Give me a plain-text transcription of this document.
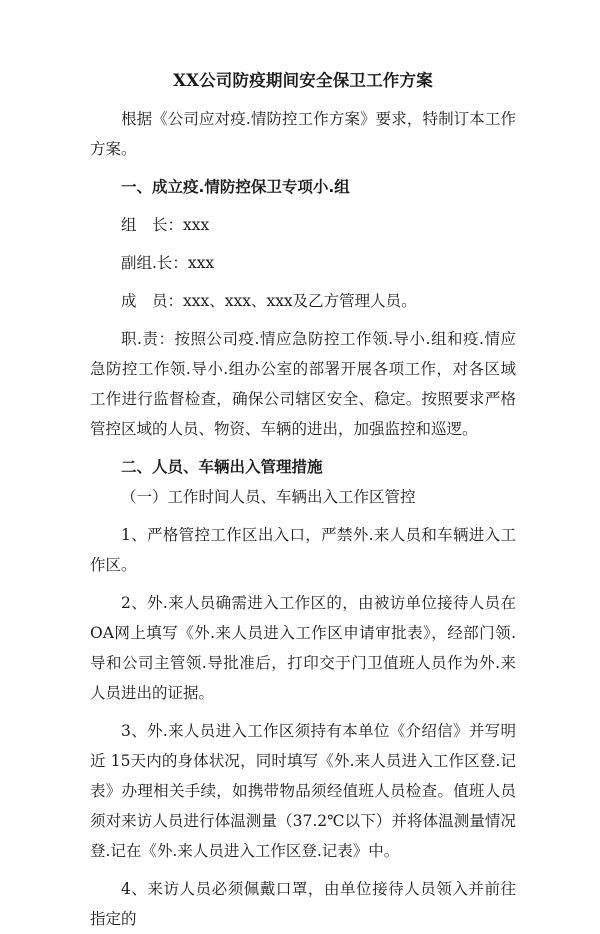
XX公司防疫期间安全保卫工作方案

根据《公司应对疫.情防控工作方案》要求，特制订本工作方案。

一、成立疫.情防控保卫专项小.组

组　长：xxx

副组.长：xxx

成　员：xxx、xxx、xxx及乙方管理人员。

职.责：按照公司疫.情应急防控工作领.导小.组和疫.情应急防控工作领.导小.组办公室的部署开展各项工作，对各区域工作进行监督检查，确保公司辖区安全、稳定。按照要求严格管控区域的人员、物资、车辆的进出，加强监控和巡逻。

二、人员、车辆出入管理措施

（一）工作时间人员、车辆出入工作区管控

1、严格管控工作区出入口，严禁外.来人员和车辆进入工作区。

2、外.来人员确需进入工作区的，由被访单位接待人员在OA网上填写《外.来人员进入工作区申请审批表》，经部门领.导和公司主管领.导批准后，打印交于门卫值班人员作为外.来人员进出的证据。

3、外.来人员进入工作区须持有本单位《介绍信》并写明近 15天内的身体状况，同时填写《外.来人员进入工作区登.记表》办理相关手续，如携带物品须经值班人员检查。值班人员须对来访人员进行体温测量（37.2℃以下）并将体温测量情况登.记在《外.来人员进入工作区登.记表》中。

4、来访人员必须佩戴口罩，由单位接待人员领入并前往指定的
